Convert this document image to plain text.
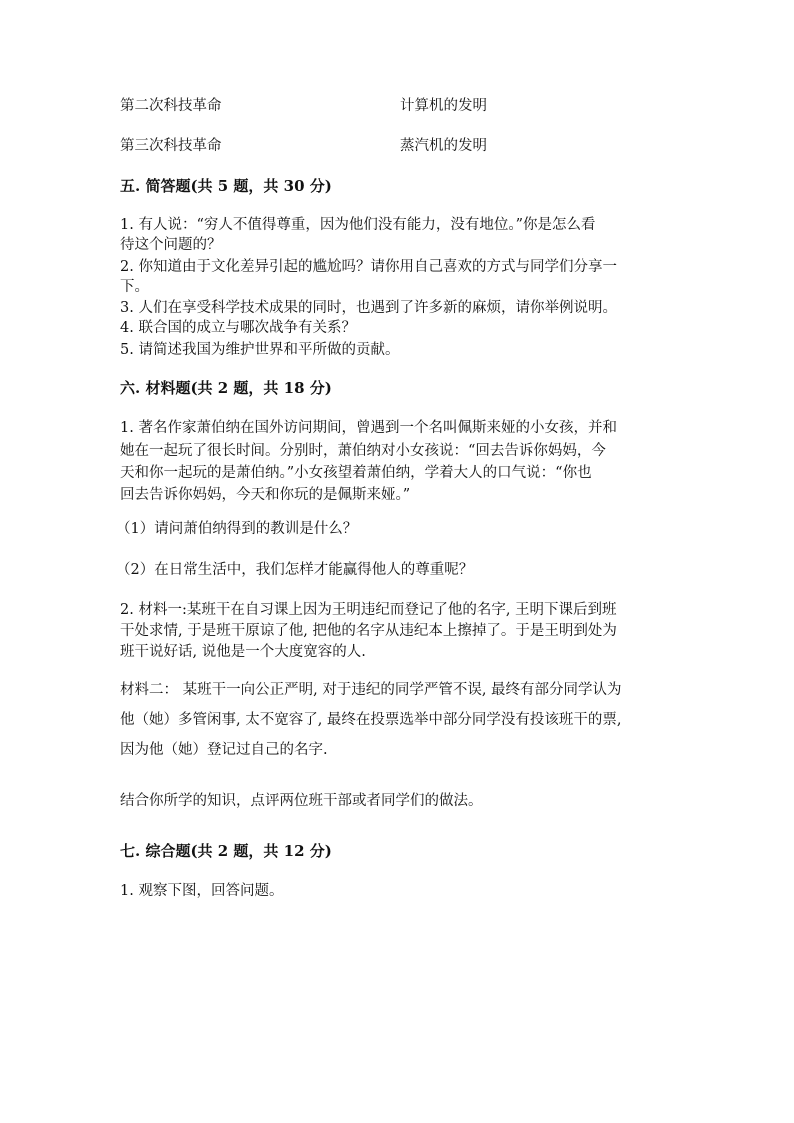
第二次科技革命	计算机的发明
第三次科技革命	蒸汽机的发明
五. 简答题(共 5 题，共 30 分)
1. 有人说：“穷人不值得尊重，因为他们没有能力，没有地位。”你是怎么看
待这个问题的？
2. 你知道由于文化差异引起的尴尬吗？请你用自己喜欢的方式与同学们分享一
下。
3. 人们在享受科学技术成果的同时，也遇到了许多新的麻烦，请你举例说明。
4. 联合国的成立与哪次战争有关系？
5. 请简述我国为维护世界和平所做的贡献。
六. 材料题(共 2 题，共 18 分)
1. 著名作家萧伯纳在国外访问期间，曾遇到一个名叫佩斯来娅的小女孩，并和
她在一起玩了很长时间。分别时，萧伯纳对小女孩说：“回去告诉你妈妈，今
天和你一起玩的是萧伯纳。”小女孩望着萧伯纳，学着大人的口气说：“你也
回去告诉你妈妈，今天和你玩的是佩斯来娅。”
（1）请问萧伯纳得到的教训是什么？
（2）在日常生活中，我们怎样才能赢得他人的尊重呢？
2. 材料一:某班干在自习课上因为王明违纪而登记了他的名字, 王明下课后到班
干处求情, 于是班干原谅了他, 把他的名字从违纪本上擦掉了。于是王明到处为
班干说好话, 说他是一个大度宽容的人.
材料二： 某班干一向公正严明, 对于违纪的同学严管不误, 最终有部分同学认为
他（她）多管闲事, 太不宽容了, 最终在投票选举中部分同学没有投该班干的票,
因为他（她）登记过自己的名字.
结合你所学的知识，点评两位班干部或者同学们的做法。
七. 综合题(共 2 题，共 12 分)
1. 观察下图，回答问题。
